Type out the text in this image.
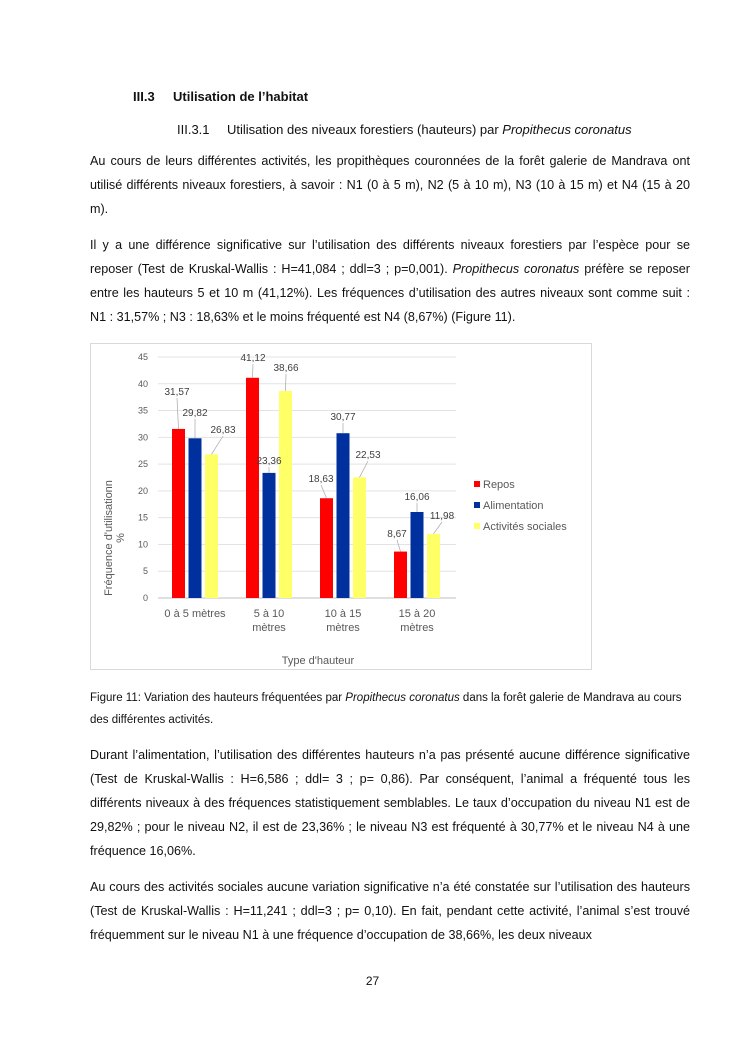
III.3 Utilisation de l’habitat
III.3.1 Utilisation des niveaux forestiers (hauteurs) par Propithecus coronatus

Au cours de leurs différentes activités, les propithèques couronnées de la forêt galerie de Mandrava ont utilisé différents niveaux forestiers, à savoir : N1 (0 à 5 m), N2 (5 à 10 m), N3 (10 à 15 m) et N4 (15 à 20 m).

Il y a une différence significative sur l’utilisation des différents niveaux forestiers par l’espèce pour se reposer (Test de Kruskal-Wallis : H=41,084 ; ddl=3 ; p=0,001). Propithecus coronatus préfère se reposer entre les hauteurs 5 et 10 m (41,12%). Les fréquences d’utilisation des autres niveaux sont comme suit : N1 : 31,57% ; N3 : 18,63% et le moins fréquenté est N4 (8,67%) (Figure 11).

0
5
10
15
20
25
30
35
40
45
0 à 5 mètres	5 à 10
mètres
10 à 15
mètres
15 à 20
mètres
Type d'hauteur
Fréquence d'utilisationn %
31,57
41,12
18,63
8,67
29,82
23,36
30,77
16,06
26,83
38,66
22,53
11,98
Repos
Alimentation
Activités sociales
Figure 11: Variation des hauteurs fréquentées par Propithecus coronatus dans la forêt galerie de Mandrava au cours des différentes activités.

Durant l’alimentation, l’utilisation des différentes hauteurs n’a pas présenté aucune différence significative (Test de Kruskal-Wallis : H=6,586 ; ddl= 3 ; p= 0,86). Par conséquent, l’animal a fréquenté tous les différents niveaux à des fréquences statistiquement semblables. Le taux d’occupation du niveau N1 est de 29,82% ; pour le niveau N2, il est de 23,36% ; le niveau N3 est fréquenté à 30,77% et le niveau N4 à une fréquence 16,06%.

Au cours des activités sociales aucune variation significative n’a été constatée sur l’utilisation des hauteurs (Test de Kruskal-Wallis : H=11,241 ; ddl=3 ; p= 0,10). En fait, pendant cette activité, l’animal s’est trouvé fréquemment sur le niveau N1 à une fréquence d’occupation de 38,66%, les deux niveaux

27
